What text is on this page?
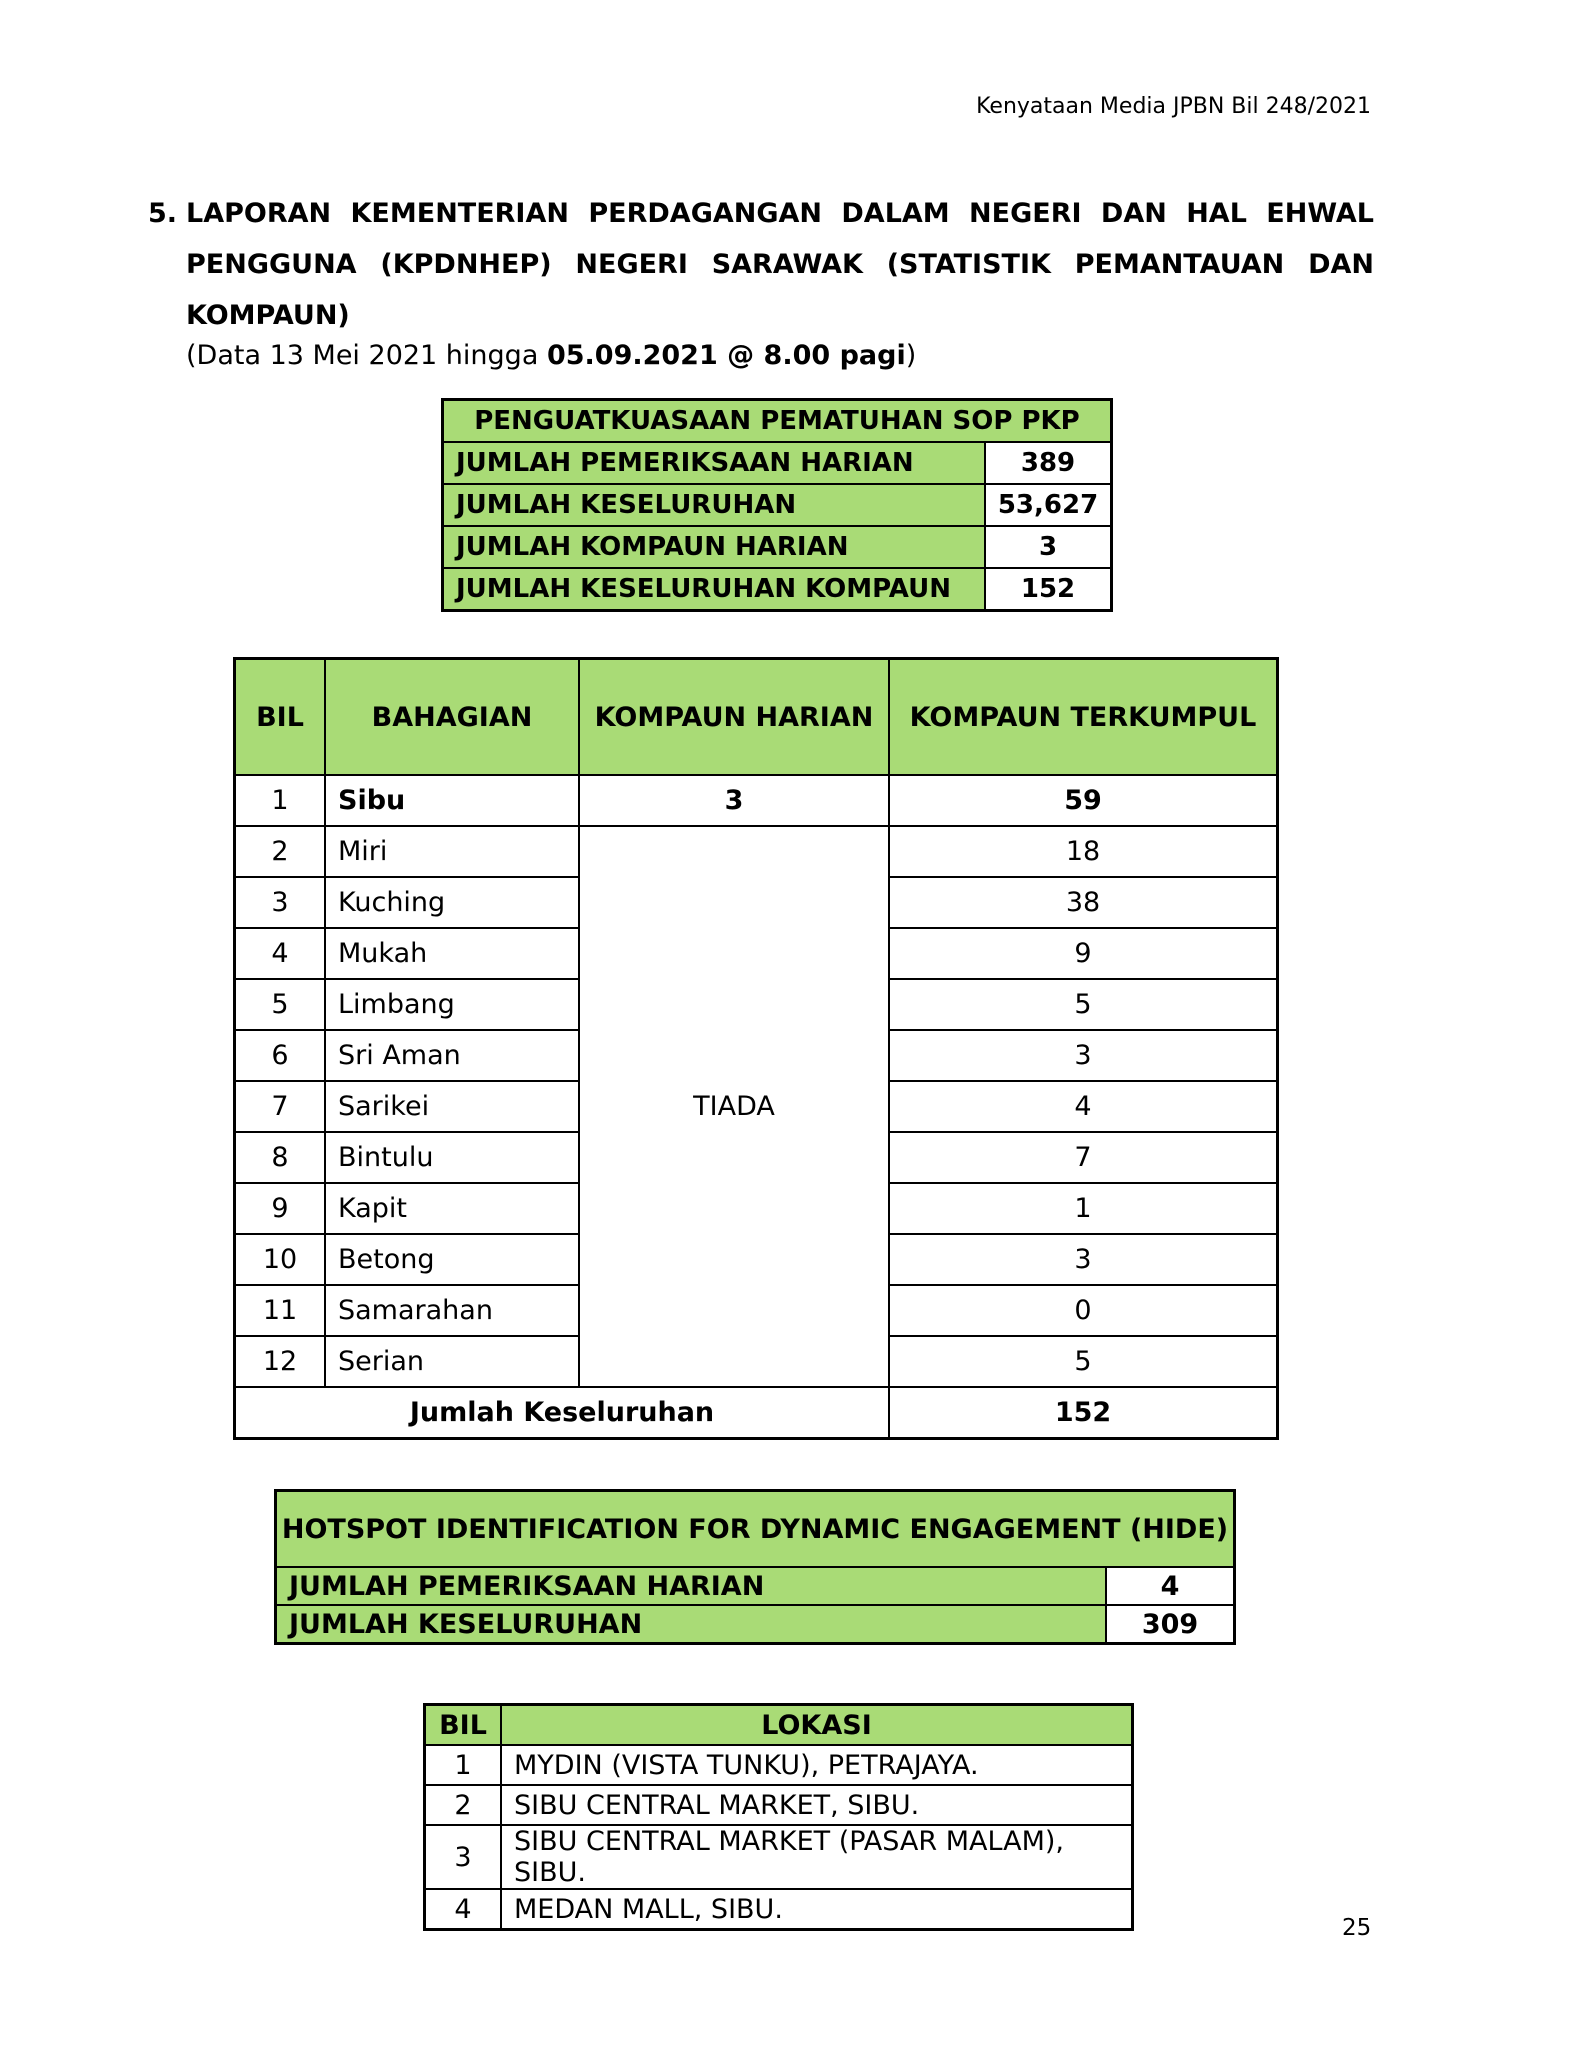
Kenyataan Media JPBN Bil 248/2021
5. LAPORAN KEMENTERIAN PERDAGANGAN DALAM NEGERI DAN HAL EHWAL PENGGUNA (KPDNHEP) NEGERI SARAWAK (STATISTIK PEMANTAUAN DAN KOMPAUN)
(Data 13 Mei 2021 hingga 05.09.2021 @ 8.00 pagi)
PENGUATKUASAAN PEMATUHAN SOP PKP	
JUMLAH PEMERIKSAAN HARIAN	389
JUMLAH KESELURUHAN	53,627
JUMLAH KOMPAUN HARIAN	3
JUMLAH KESELURUHAN KOMPAUN	152
BIL	BAHAGIAN	KOMPAUN HARIAN	KOMPAUN TERKUMPUL
1	Sibu	3	59
2	Miri	TIADA	18
3	Kuching		38
4	Mukah		9
5	Limbang		5
6	Sri Aman		3
7	Sarikei		4
8	Bintulu		7
9	Kapit		1
10	Betong		3
11	Samarahan		0
12	Serian		5
Jumlah Keseluruhan			152
HOTSPOT IDENTIFICATION FOR DYNAMIC ENGAGEMENT (HIDE)	
JUMLAH PEMERIKSAAN HARIAN	4
JUMLAH KESELURUHAN	309
BIL	LOKASI
1	MYDIN (VISTA TUNKU), PETRAJAYA.
2	SIBU CENTRAL MARKET, SIBU.
3	SIBU CENTRAL MARKET (PASAR MALAM), SIBU.
4	MEDAN MALL, SIBU.
25
